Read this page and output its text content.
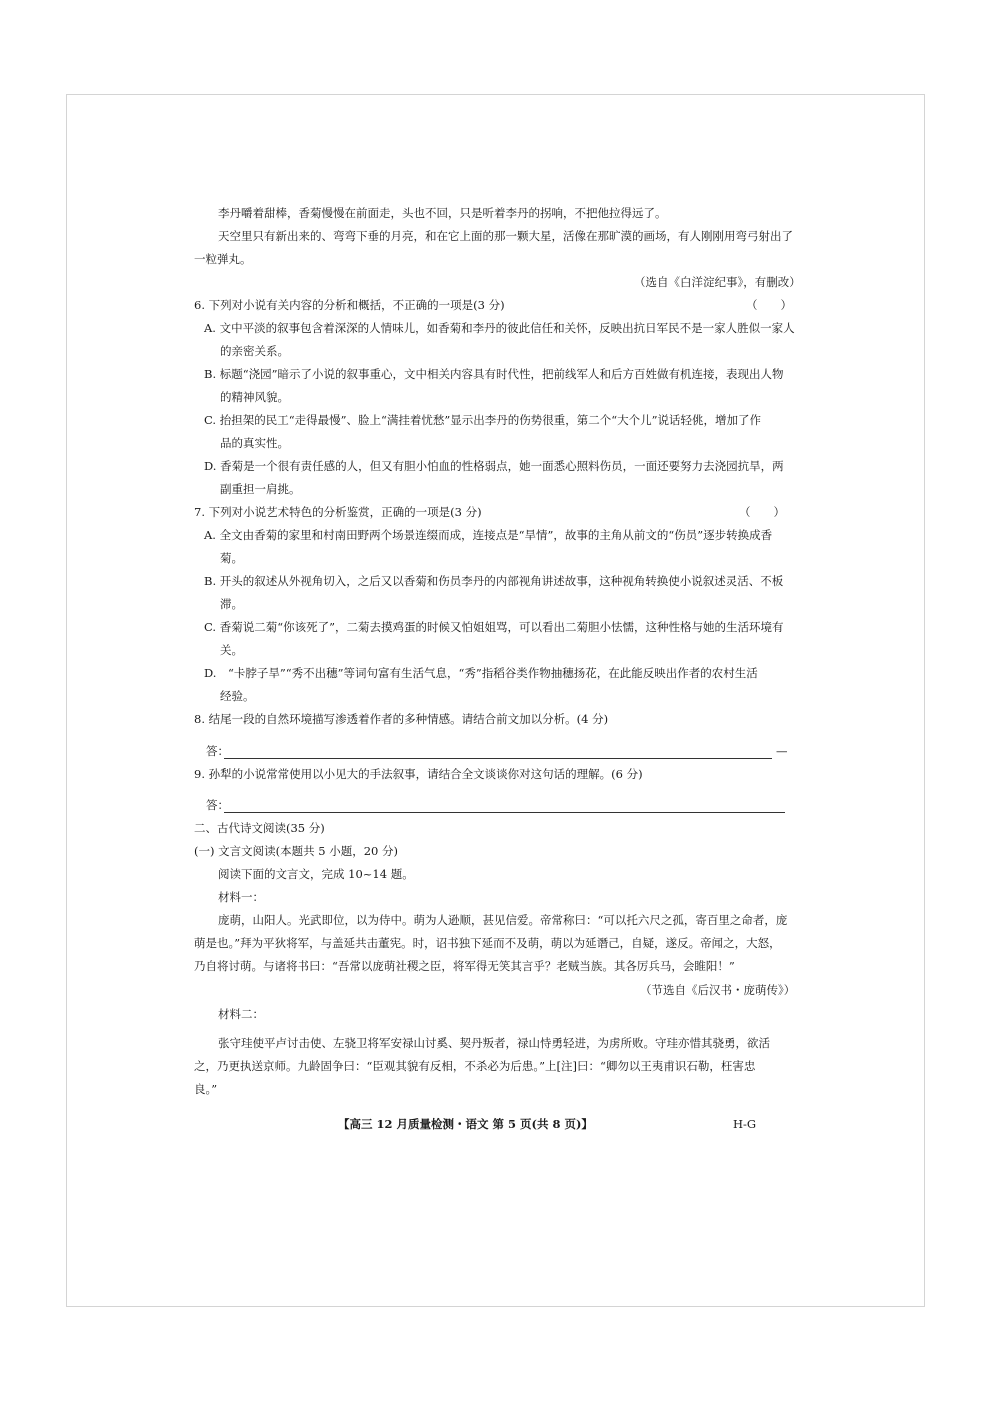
李丹嚼着甜棒，香菊慢慢在前面走，头也不回，只是听着李丹的拐响，不把他拉得远了。
天空里只有新出来的、弯弯下垂的月亮，和在它上面的那一颗大星，活像在那旷漠的画场，有人刚刚用弯弓射出了
一粒弹丸。
（选自《白洋淀纪事》，有删改）
6. 下列对小说有关内容的分析和概括，不正确的一项是(3 分)	（　　）
A. 文中平淡的叙事包含着深深的人情味儿，如香菊和李丹的彼此信任和关怀，反映出抗日军民不是一家人胜似一家人
的亲密关系。
B. 标题“浇园”暗示了小说的叙事重心，文中相关内容具有时代性，把前线军人和后方百姓做有机连接，表现出人物
的精神风貌。
C. 抬担架的民工“走得最慢”、脸上“满挂着忧愁”显示出李丹的伤势很重，第二个“大个儿”说话轻佻，增加了作
品的真实性。
D. 香菊是一个很有责任感的人，但又有胆小怕血的性格弱点，她一面悉心照料伤员，一面还要努力去浇园抗旱，两
副重担一肩挑。
7. 下列对小说艺术特色的分析鉴赏，正确的一项是(3 分)	（　　）
A. 全文由香菊的家里和村南田野两个场景连缀而成，连接点是“旱情”，故事的主角从前文的“伤员”逐步转换成香
菊。
B. 开头的叙述从外视角切入，之后又以香菊和伤员李丹的内部视角讲述故事，这种视角转换使小说叙述灵活、不板
滞。
C. 香菊说二菊“你该死了”，二菊去摸鸡蛋的时候又怕姐姐骂，可以看出二菊胆小怯懦，这种性格与她的生活环境有
关。
D.　“卡脖子旱”“秀不出穗”等词句富有生活气息，“秀”指稻谷类作物抽穗扬花，在此能反映出作者的农村生活
经验。
8. 结尾一段的自然环境描写渗透着作者的多种情感。请结合前文加以分析。(4 分)
答：	—
9. 孙犁的小说常常使用以小见大的手法叙事，请结合全文谈谈你对这句话的理解。(6 分)
答：
二、古代诗文阅读(35 分)
(一) 文言文阅读(本题共 5 小题，20 分)
阅读下面的文言文，完成 10~14 题。
材料一：
庞萌，山阳人。光武即位，以为侍中。萌为人逊顺，甚见信爱。帝常称曰：“可以托六尺之孤，寄百里之命者，庞
萌是也。”拜为平狄将军，与盖延共击董宪。时，诏书独下延而不及萌，萌以为延谮己，自疑，遂反。帝闻之，大怒，
乃自将讨萌。与诸将书曰：“吾常以庞萌社稷之臣，将军得无笑其言乎？老贼当族。其各厉兵马，会睢阳！”
（节选自《后汉书・庞萌传》）
材料二：
张守珪使平卢讨击使、左骁卫将军安禄山讨奚、契丹叛者，禄山恃勇轻进，为虏所败。守珪亦惜其骁勇，欲活
之，乃更执送京师。九龄固争曰：“臣观其貌有反相，不杀必为后患。”上[注]曰：“卿勿以王夷甫识石勒，枉害忠
良。”
【高三 12 月质量检测・语文 第 5 页(共 8 页)】	H-G
